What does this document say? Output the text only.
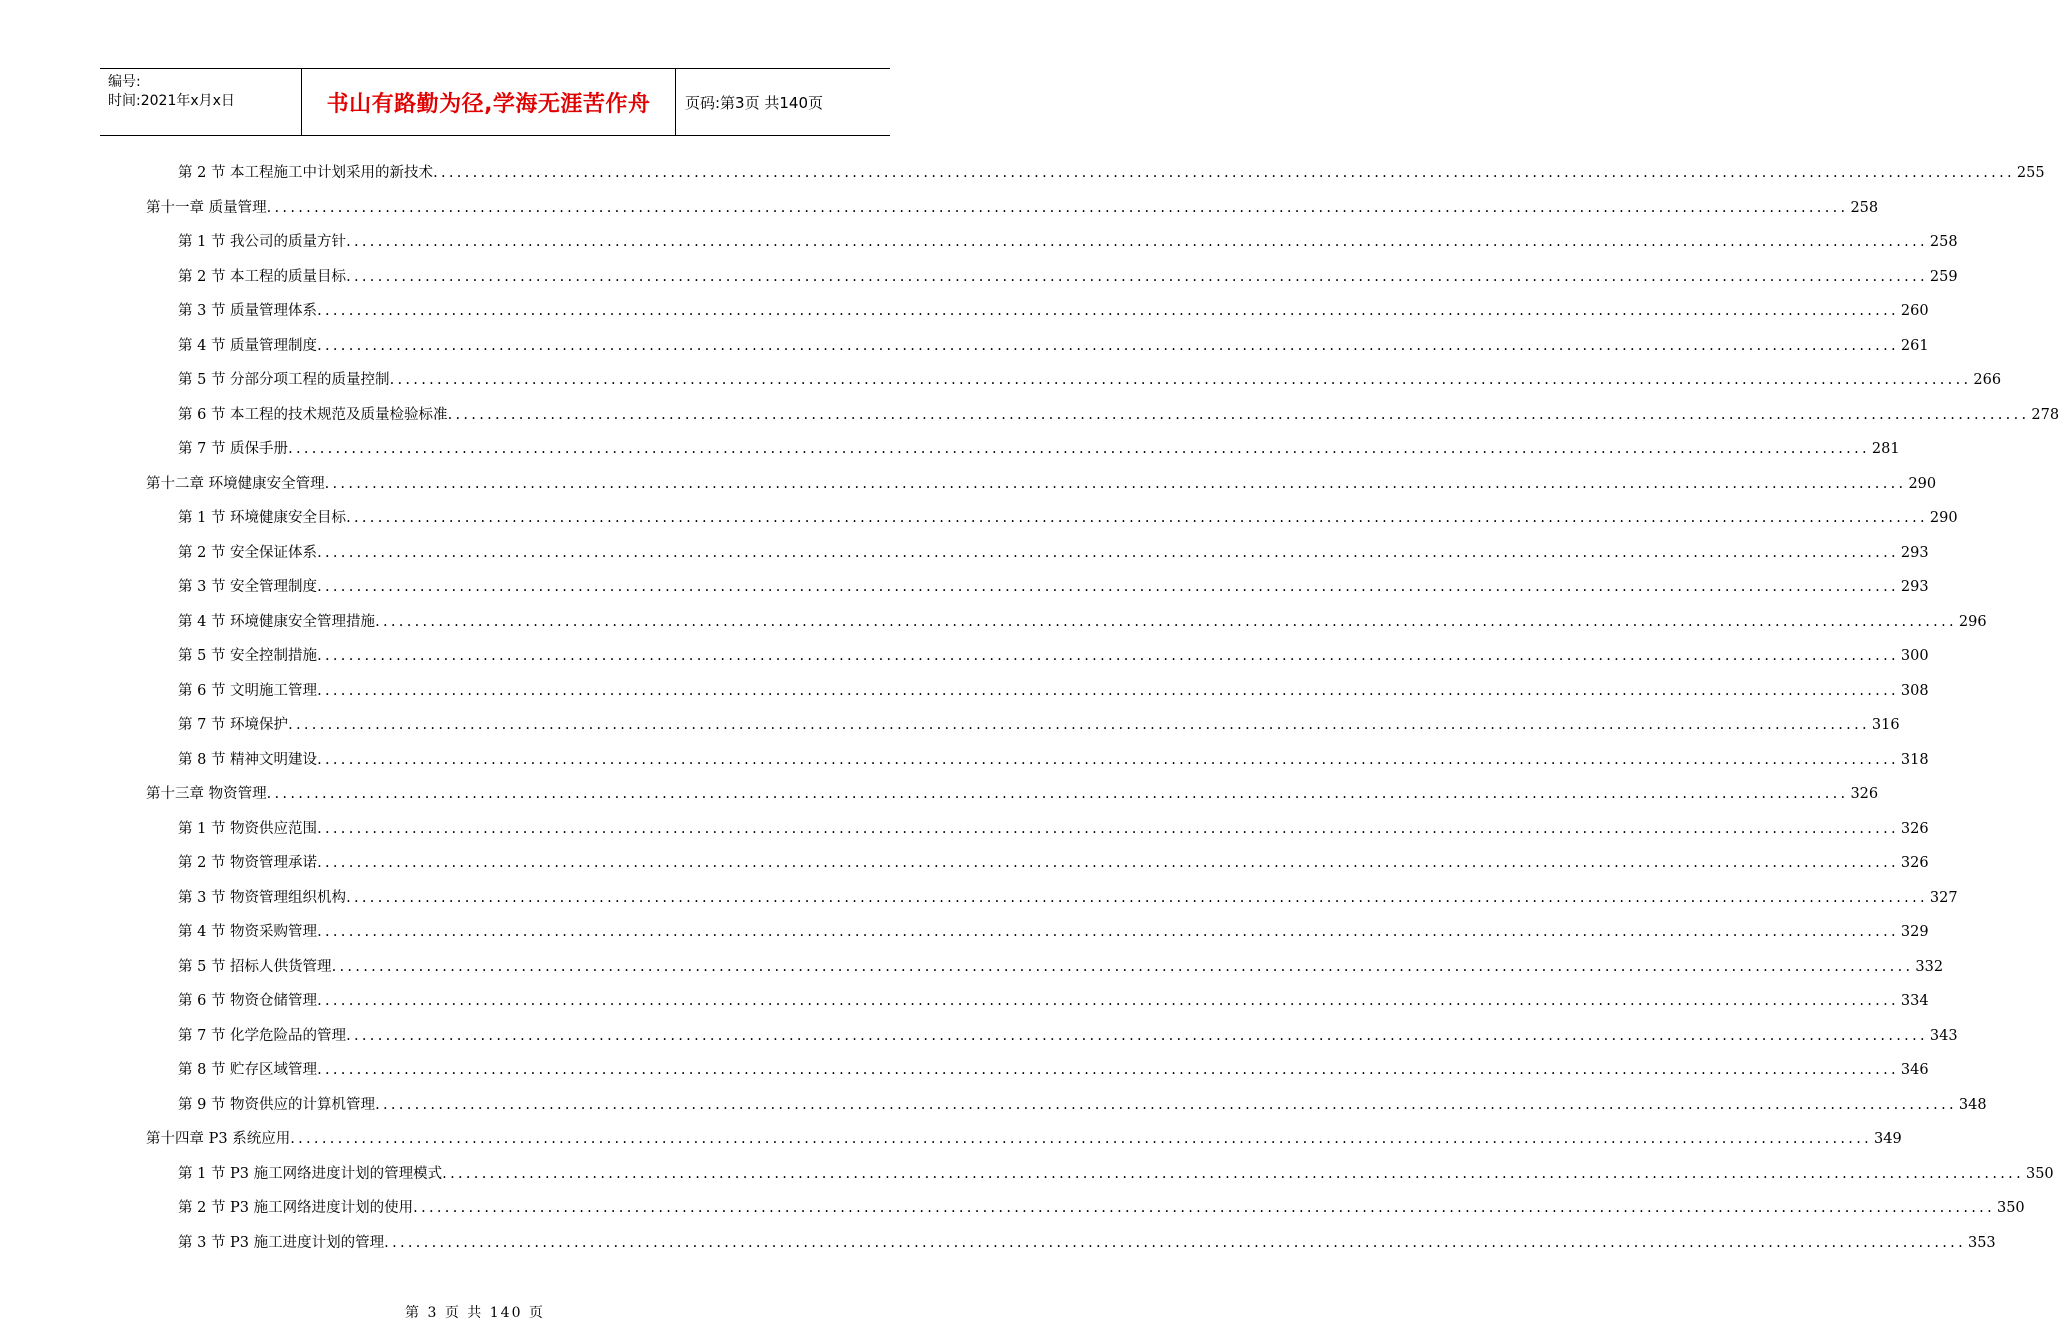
编号:
时间:2021年x月x日	书山有路勤为径,学海无涯苦作舟 页码:第3页 共140页
第 2 节 本工程施工中计划采用的新技术 ........................................................................................................................................................................................................ 255
第十一章 质量管理 ........................................................................................................................................................................................................ 258
第 1 节 我公司的质量方针 ........................................................................................................................................................................................................ 258
第 2 节 本工程的质量目标 ........................................................................................................................................................................................................ 259
第 3 节 质量管理体系 ........................................................................................................................................................................................................ 260
第 4 节 质量管理制度 ........................................................................................................................................................................................................ 261
第 5 节 分部分项工程的质量控制 ........................................................................................................................................................................................................ 266
第 6 节 本工程的技术规范及质量检验标准 ........................................................................................................................................................................................................ 278
第 7 节 质保手册 ........................................................................................................................................................................................................ 281
第十二章 环境健康安全管理 ........................................................................................................................................................................................................ 290
第 1 节 环境健康安全目标 ........................................................................................................................................................................................................ 290
第 2 节 安全保证体系 ........................................................................................................................................................................................................ 293
第 3 节 安全管理制度 ........................................................................................................................................................................................................ 293
第 4 节 环境健康安全管理措施 ........................................................................................................................................................................................................ 296
第 5 节 安全控制措施 ........................................................................................................................................................................................................ 300
第 6 节 文明施工管理 ........................................................................................................................................................................................................ 308
第 7 节 环境保护 ........................................................................................................................................................................................................ 316
第 8 节 精神文明建设 ........................................................................................................................................................................................................ 318
第十三章 物资管理 ........................................................................................................................................................................................................ 326
第 1 节 物资供应范围 ........................................................................................................................................................................................................ 326
第 2 节 物资管理承诺 ........................................................................................................................................................................................................ 326
第 3 节 物资管理组织机构 ........................................................................................................................................................................................................ 327
第 4 节 物资采购管理 ........................................................................................................................................................................................................ 329
第 5 节 招标人供货管理 ........................................................................................................................................................................................................ 332
第 6 节 物资仓储管理 ........................................................................................................................................................................................................ 334
第 7 节 化学危险品的管理 ........................................................................................................................................................................................................ 343
第 8 节 贮存区域管理 ........................................................................................................................................................................................................ 346
第 9 节 物资供应的计算机管理 ........................................................................................................................................................................................................ 348
第十四章 P3 系统应用 ........................................................................................................................................................................................................ 349
第 1 节 P3 施工网络进度计划的管理模式 ........................................................................................................................................................................................................ 350
第 2 节 P3 施工网络进度计划的使用 ........................................................................................................................................................................................................ 350
第 3 节 P3 施工进度计划的管理 ........................................................................................................................................................................................................ 353
第 3 页 共 140 页
